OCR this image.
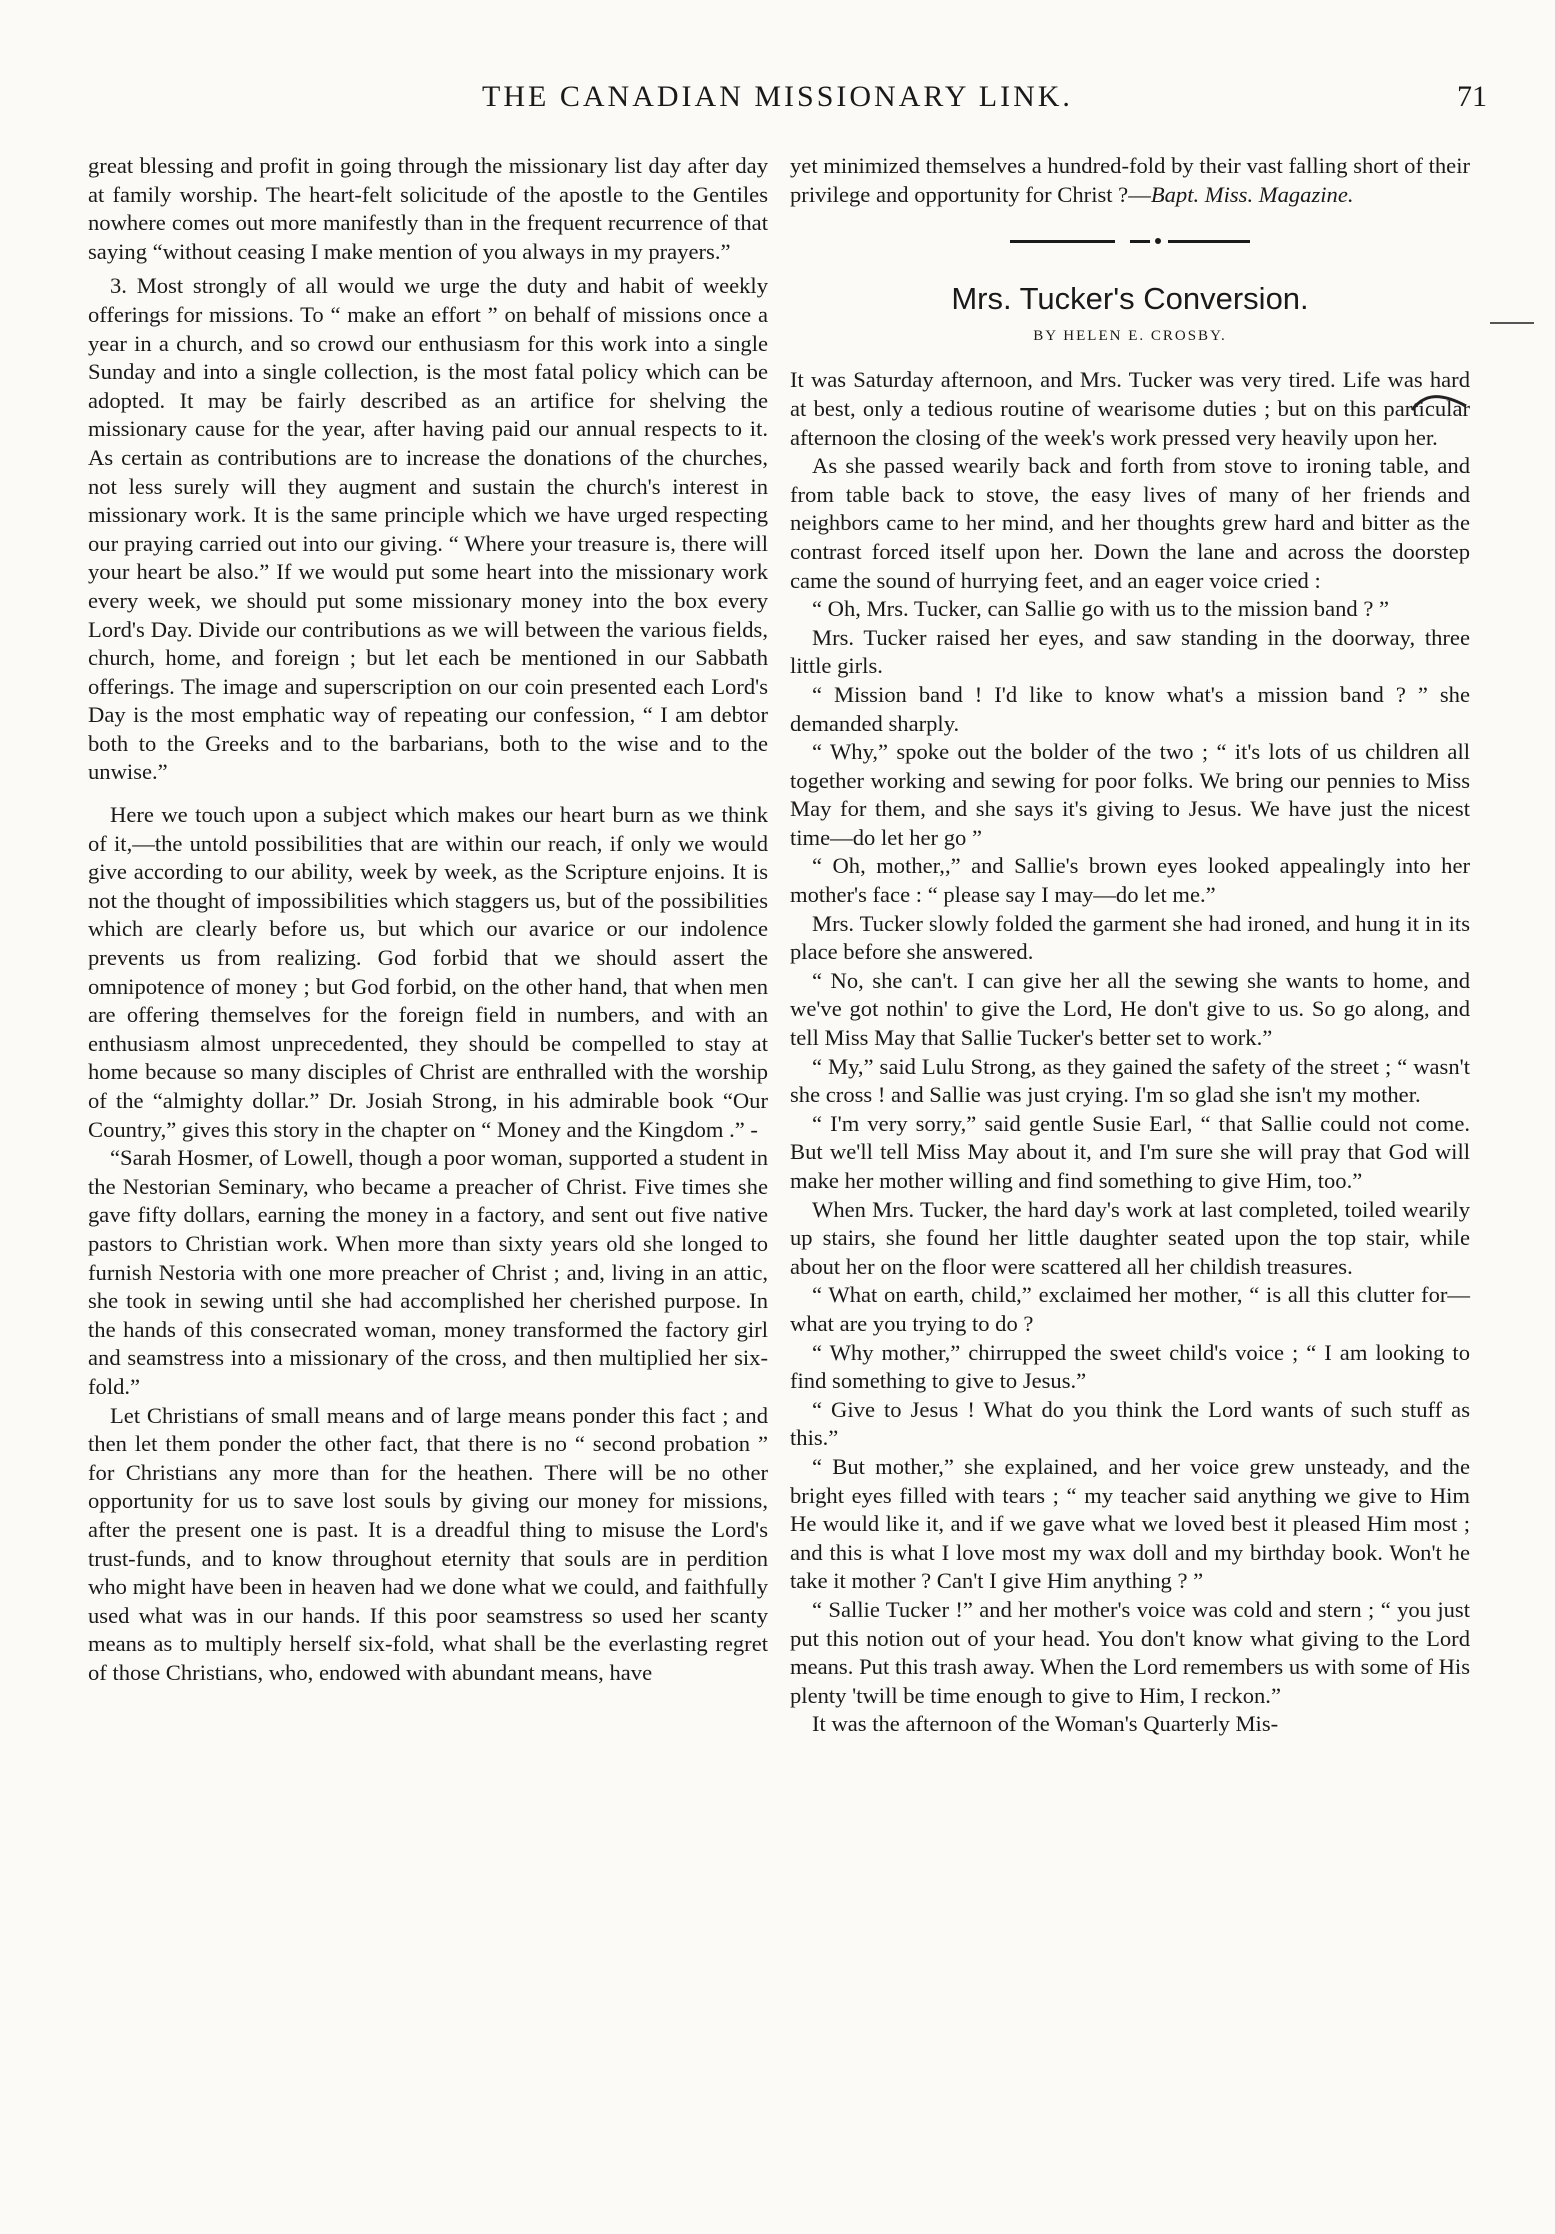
THE CANADIAN MISSIONARY LINK.	71

great blessing and profit in going through the missionary list day after day at family worship. The heart-felt solicitude of the apostle to the Gentiles nowhere comes out more manifestly than in the frequent recurrence of that saying “without ceasing I make mention of you always in my prayers.”

3. Most strongly of all would we urge the duty and habit of weekly offerings for missions. To “ make an effort ” on behalf of missions once a year in a church, and so crowd our enthusiasm for this work into a single Sunday and into a single collection, is the most fatal policy which can be adopted. It may be fairly described as an artifice for shelving the missionary cause for the year, after having paid our annual respects to it. As certain as contributions are to increase the donations of the churches, not less surely will they augment and sustain the church's interest in missionary work. It is the same principle which we have urged respecting our praying carried out into our giving. “ Where your treasure is, there will your heart be also.” If we would put some heart into the missionary work every week, we should put some missionary money into the box every Lord's Day. Divide our contributions as we will between the various fields, church, home, and foreign ; but let each be mentioned in our Sabbath offerings. The image and superscription on our coin presented each Lord's Day is the most emphatic way of repeating our confession, “ I am debtor both to the Greeks and to the barbarians, both to the wise and to the unwise.”

Here we touch upon a subject which makes our heart burn as we think of it,—the untold possibilities that are within our reach, if only we would give according to our ability, week by week, as the Scripture enjoins. It is not the thought of impossibilities which staggers us, but of the possibilities which are clearly before us, but which our avarice or our indolence prevents us from realizing. God forbid that we should assert the omnipotence of money ; but God forbid, on the other hand, that when men are offering themselves for the foreign field in numbers, and with an enthusiasm almost unprecedented, they should be compelled to stay at home because so many disciples of Christ are enthralled with the worship of the “almighty dollar.” Dr. Josiah Strong, in his admirable book “Our Country,” gives this story in the chapter on “ Money and the Kingdom .” -

“Sarah Hosmer, of Lowell, though a poor woman, supported a student in the Nestorian Seminary, who became a preacher of Christ. Five times she gave fifty dollars, earning the money in a factory, and sent out five native pastors to Christian work. When more than sixty years old she longed to furnish Nestoria with one more preacher of Christ ; and, living in an attic, she took in sewing until she had accomplished her cherished purpose. In the hands of this consecrated woman, money transformed the factory girl and seamstress into a missionary of the cross, and then multiplied her six-fold.”

Let Christians of small means and of large means ponder this fact ; and then let them ponder the other fact, that there is no “ second probation ” for Christians any more than for the heathen. There will be no other opportunity for us to save lost souls by giving our money for missions, after the present one is past. It is a dreadful thing to misuse the Lord's trust-funds, and to know throughout eternity that souls are in perdition who might have been in heaven had we done what we could, and faithfully used what was in our hands. If this poor seamstress so used her scanty means as to multiply herself six-fold, what shall be the everlasting regret of those Christians, who, endowed with abundant means, have

yet minimized themselves a hundred-fold by their vast falling short of their privilege and opportunity for Christ ?—Bapt. Miss. Magazine.

Mrs. Tucker's Conversion.
BY HELEN E. CROSBY.

It was Saturday afternoon, and Mrs. Tucker was very tired. Life was hard at best, only a tedious routine of wearisome duties ; but on this particular afternoon the closing of the week's work pressed very heavily upon her.

As she passed wearily back and forth from stove to ironing table, and from table back to stove, the easy lives of many of her friends and neighbors came to her mind, and her thoughts grew hard and bitter as the contrast forced itself upon her. Down the lane and across the doorstep came the sound of hurrying feet, and an eager voice cried :

“ Oh, Mrs. Tucker, can Sallie go with us to the mission band ? ”

Mrs. Tucker raised her eyes, and saw standing in the doorway, three little girls.

“ Mission band ! I'd like to know what's a mission band ? ” she demanded sharply.

“ Why,” spoke out the bolder of the two ; “ it's lots of us children all together working and sewing for poor folks. We bring our pennies to Miss May for them, and she says it's giving to Jesus. We have just the nicest time—do let her go ”

“ Oh, mother,,” and Sallie's brown eyes looked appealingly into her mother's face : “ please say I may—do let me.”

Mrs. Tucker slowly folded the garment she had ironed, and hung it in its place before she answered.

“ No, she can't. I can give her all the sewing she wants to home, and we've got nothin' to give the Lord, He don't give to us. So go along, and tell Miss May that Sallie Tucker's better set to work.”

“ My,” said Lulu Strong, as they gained the safety of the street ; “ wasn't she cross ! and Sallie was just crying. I'm so glad she isn't my mother.

“ I'm very sorry,” said gentle Susie Earl, “ that Sallie could not come. But we'll tell Miss May about it, and I'm sure she will pray that God will make her mother willing and find something to give Him, too.”

When Mrs. Tucker, the hard day's work at last completed, toiled wearily up stairs, she found her little daughter seated upon the top stair, while about her on the floor were scattered all her childish treasures.

“ What on earth, child,” exclaimed her mother, “ is all this clutter for—what are you trying to do ?

“ Why mother,” chirrupped the sweet child's voice ; “ I am looking to find something to give to Jesus.”

“ Give to Jesus ! What do you think the Lord wants of such stuff as this.”

“ But mother,” she explained, and her voice grew unsteady, and the bright eyes filled with tears ; “ my teacher said anything we give to Him He would like it, and if we gave what we loved best it pleased Him most ; and this is what I love most my wax doll and my birthday book. Won't he take it mother ? Can't I give Him anything ? ”

“ Sallie Tucker !” and her mother's voice was cold and stern ; “ you just put this notion out of your head. You don't know what giving to the Lord means. Put this trash away. When the Lord remembers us with some of His plenty 'twill be time enough to give to Him, I reckon.”

It was the afternoon of the Woman's Quarterly Mis-
